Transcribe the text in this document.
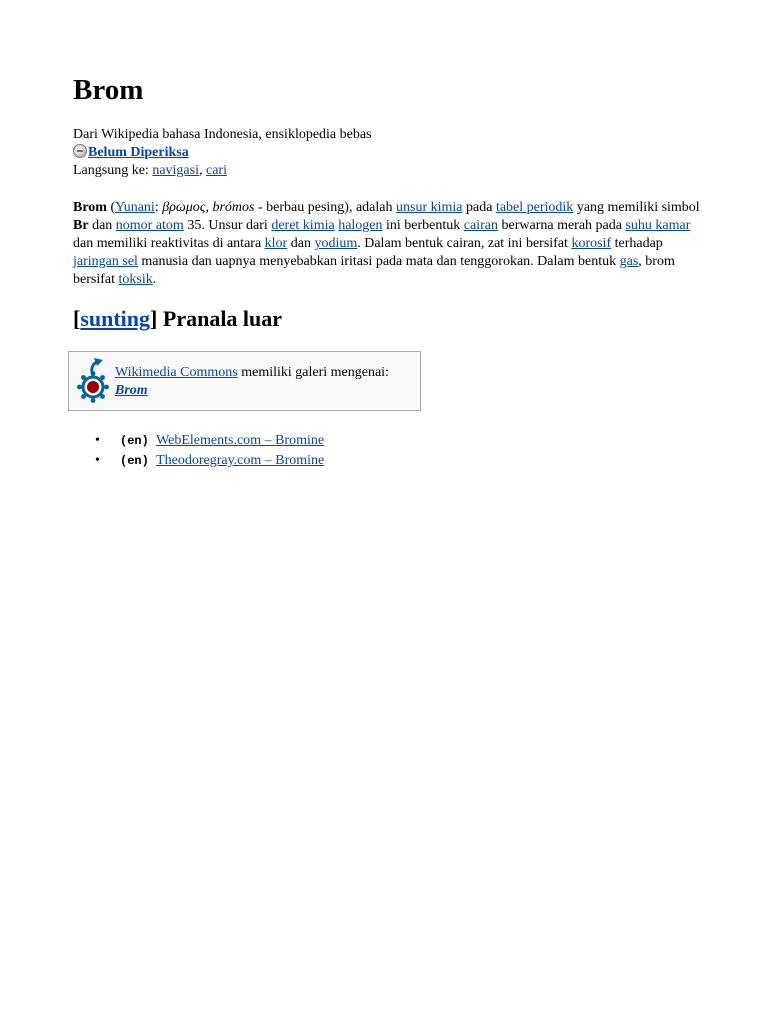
Brom
Dari Wikipedia bahasa Indonesia, ensiklopedia bebas
Belum Diperiksa
Langsung ke: navigasi, cari

Brom (Yunani: βρωμος, brómos - berbau pesing), adalah unsur kimia pada tabel periodik yang memiliki simbol Br dan nomor atom 35. Unsur dari deret kimia halogen ini berbentuk cairan berwarna merah pada suhu kamar dan memiliki reaktivitas di antara klor dan yodium. Dalam bentuk cairan, zat ini bersifat korosif terhadap jaringan sel manusia dan uapnya menyebabkan iritasi pada mata dan tenggorokan. Dalam bentuk gas, brom bersifat toksik.

[sunting] Pranala luar
Wikimedia Commons memiliki galeri mengenai:
Brom
• (en) WebElements.com – Bromine
• (en) Theodoregray.com – Bromine
